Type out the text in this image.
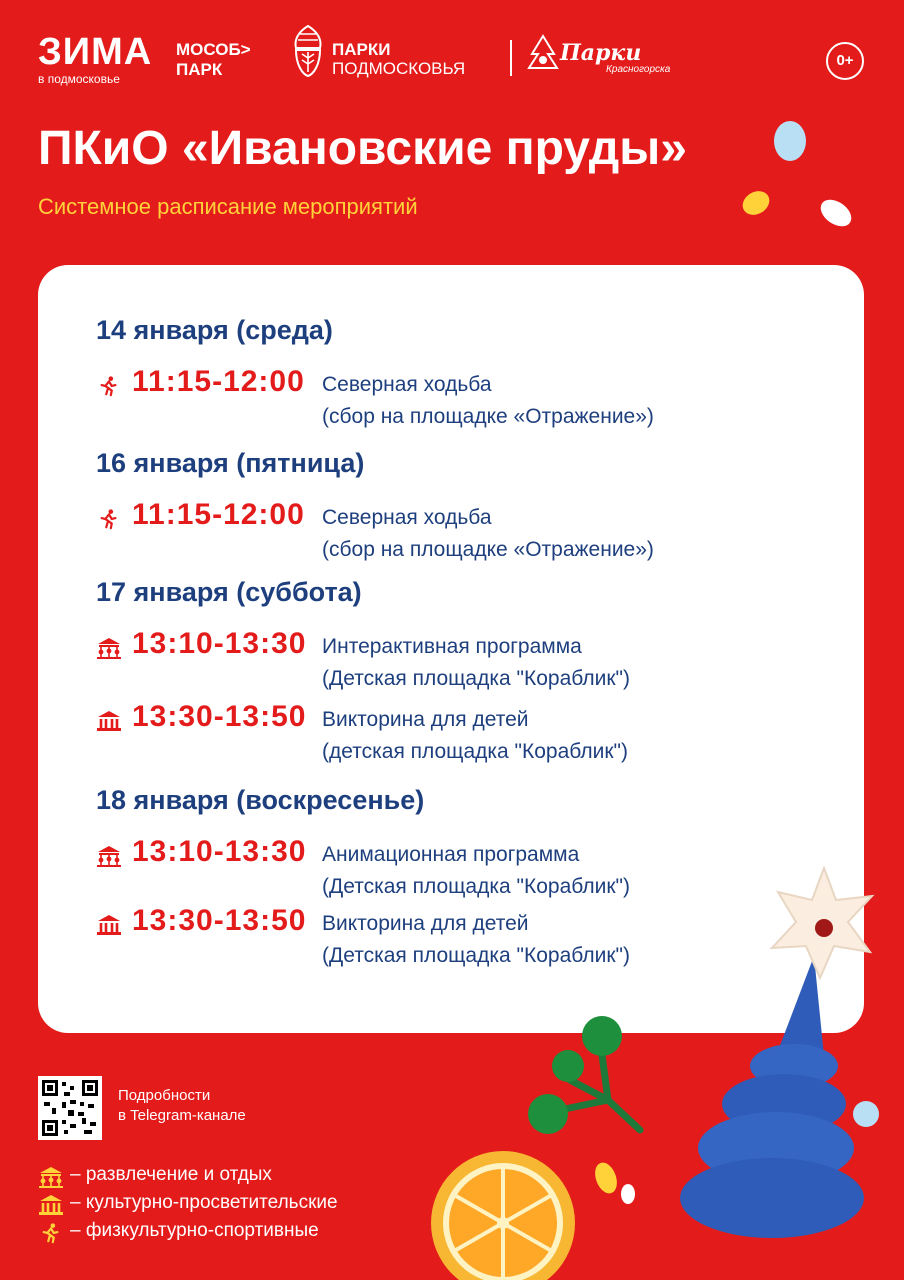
ЗИМА
в подмосковье
МОСОБ>
ПАРК
ПАРКИ
ПОДМОСКОВЬЯ
Парки
Красногорска
0+
ПКиО «Ивановские пруды»
Системное расписание мероприятий
14 января (среда)
11:15-12:00 Северная ходьба
(сбор на площадке «Отражение»)
16 января (пятница)
11:15-12:00 Северная ходьба
(сбор на площадке «Отражение»)
17 января (суббота)
13:10-13:30 Интерактивная программа
(Детская площадка "Кораблик")
13:30-13:50 Викторина для детей
(детская площадка "Кораблик")
18 января (воскресенье)
13:10-13:30 Анимационная программа
(Детская площадка "Кораблик")
13:30-13:50 Викторина для детей
(Детская площадка "Кораблик")
Подробности
в Telegram-канале
– развлечение и отдых
– культурно-просветительские
– физкультурно-спортивные
